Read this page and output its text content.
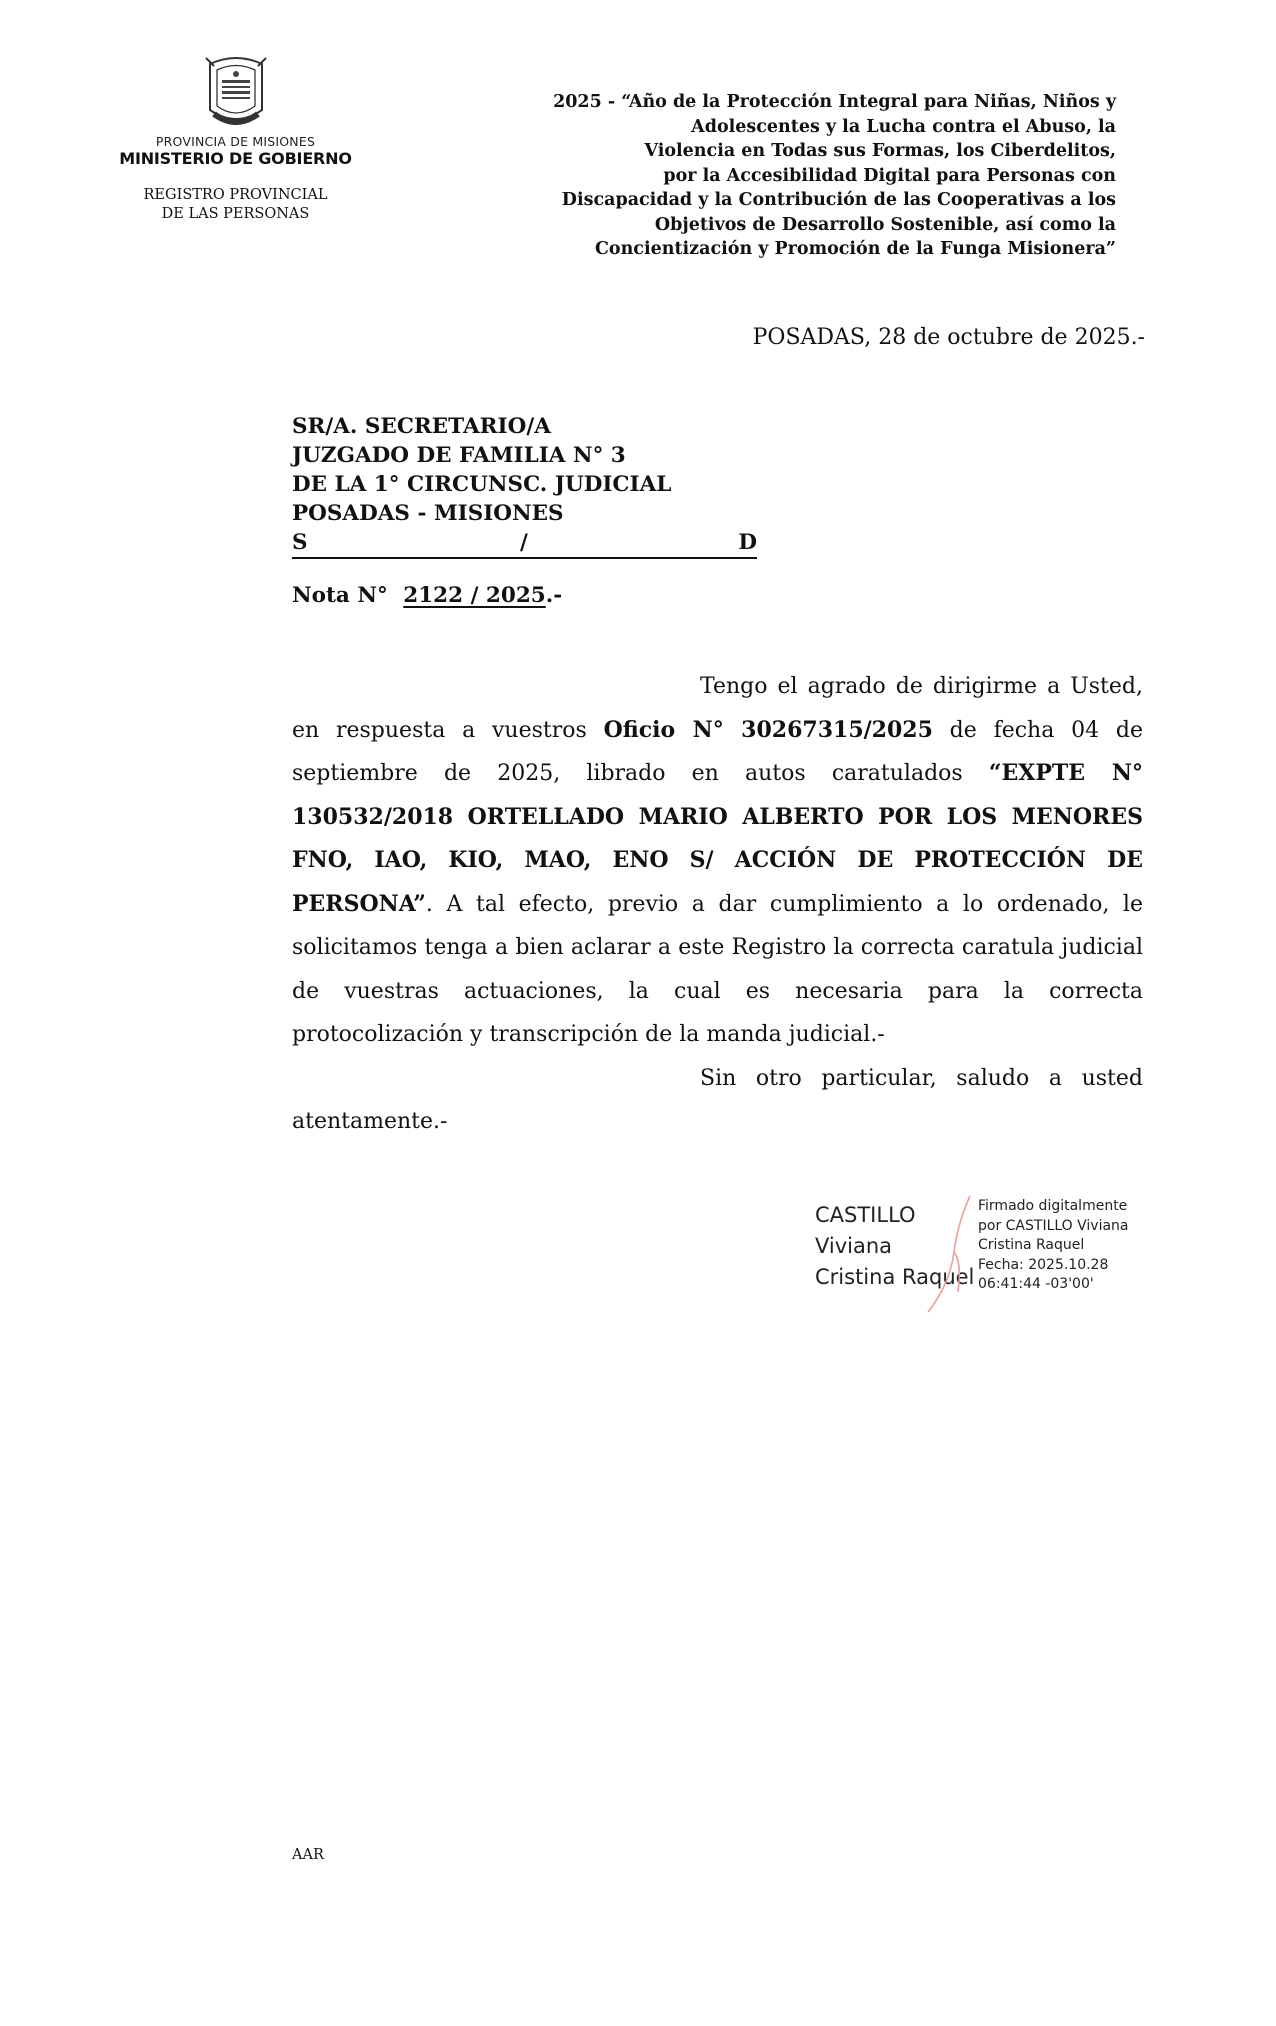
PROVINCIA DE MISIONES
MINISTERIO DE GOBIERNO
REGISTRO PROVINCIAL
DE LAS PERSONAS
2025 - “Año de la Protección Integral para Niñas, Niños y
Adolescentes y la Lucha contra el Abuso, la
Violencia en Todas sus Formas, los Ciberdelitos,
por la Accesibilidad Digital para Personas con
Discapacidad y la Contribución de las Cooperativas a los
Objetivos de Desarrollo Sostenible, así como la
Concientización y Promoción de la Funga Misionera”
POSADAS, 28 de octubre de 2025.-
SR/A. SECRETARIO/A
JUZGADO DE FAMILIA N° 3
DE LA 1° CIRCUNSC. JUDICIAL
POSADAS - MISIONES
S	/	D
Nota N° 2122 / 2025.-

Tengo el agrado de dirigirme a Usted, en respuesta a vuestros Oficio N° 30267315/2025 de fecha 04 de septiembre de 2025, librado en autos caratulados “EXPTE N° 130532/2018 ORTELLADO MARIO ALBERTO POR LOS MENORES FNO, IAO, KIO, MAO, ENO S/ ACCIÓN DE PROTECCIÓN DE PERSONA”. A tal efecto, previo a dar cumplimiento a lo ordenado, le solicitamos tenga a bien aclarar a este Registro la correcta caratula judicial de vuestras actuaciones, la cual es necesaria para la correcta protocolización y transcripción de la manda judicial.-

Sin otro particular, saludo a usted atentamente.-

CASTILLO
Viviana
Cristina Raquel
Firmado digitalmente
por CASTILLO Viviana
Cristina Raquel
Fecha: 2025.10.28
06:41:44 -03'00'
AAR
